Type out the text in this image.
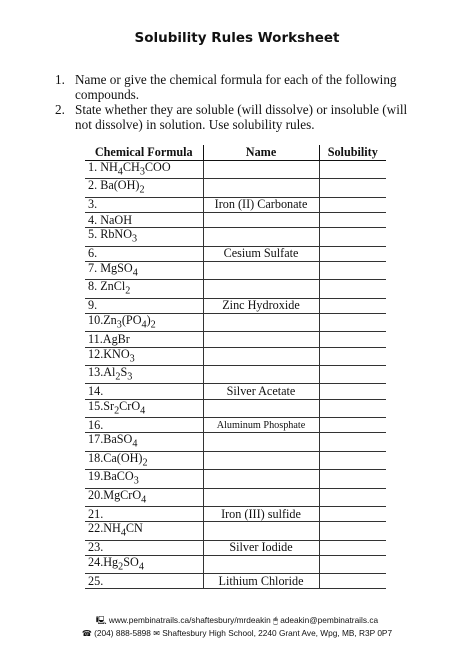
Solubility Rules Worksheet
1. Name or give the chemical formula for each of the following compounds.
2. State whether they are soluble (will dissolve) or insoluble (will not dissolve) in solution. Use solubility rules.
Chemical Formula	Name	Solubility
1. $NH_4CH_3COO$		
2. $Ba(OH)_2$		
3.	Iron (II) Carbonate	
4. NaOH		
5. RbNO$_3$		
6.	Cesium Sulfate	
7. MgSO$_4$		
8. ZnCl$_2$		
9.	Zinc Hydroxide	
$10.Zn_3(PO_4)_2$		
11.AgBr		
$12.KNO_3$		
$13.Al_2S_3$		
14.	Silver Acetate	
$15.Sr_2CrO_4$		
16.	Aluminum Phosphate	
17.BaSO$_4$		
$18.Ca(OH)_2$		
19.BaCO$_3$		
20.MgCrO$_4$		
21.	Iron (III) sulfide	
$22.NH_4CN$		
23.	Silver Iodide	
$24.Hg_2SO_4$		
25.	Lithium Chloride	
🖳 www.pembinatrails.ca/shaftesbury/mrdeakin 🖱 adeakin@pembinatrails.ca
☎ (204) 888-5898 ✉ Shaftesbury High School, 2240 Grant Ave, Wpg, MB, R3P 0P7
